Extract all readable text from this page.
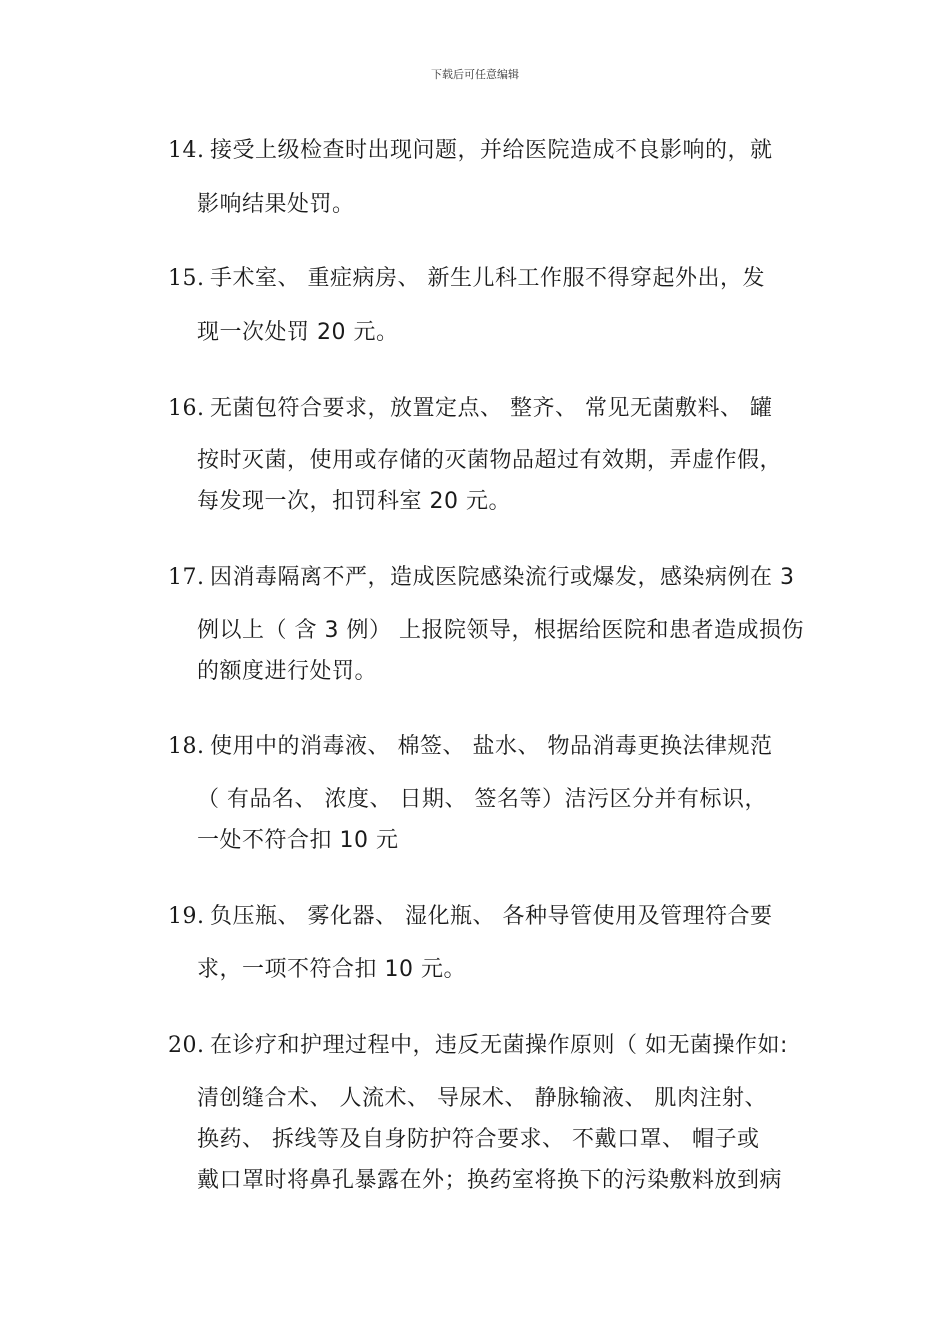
下载后可任意编辑
14. 接受上级检查时出现问题，并给医院造成不良影响的，就
影响结果处罚。
15. 手术室、 重症病房、 新生儿科工作服不得穿起外出，发
现一次处罚 20 元。
16. 无菌包符合要求，放置定点、 整齐、 常见无菌敷料、 罐
按时灭菌，使用或存储的灭菌物品超过有效期，弄虚作假，
每发现一次，扣罚科室 20 元。
17. 因消毒隔离不严，造成医院感染流行或爆发，感染病例在 3
例以上（ 含 3 例） 上报院领导，根据给医院和患者造成损伤
的额度进行处罚。
18. 使用中的消毒液、 棉签、 盐水、 物品消毒更换法律规范
（ 有品名、 浓度、 日期、 签名等）洁污区分并有标识，
一处不符合扣 10 元
19. 负压瓶、 雾化器、 湿化瓶、 各种导管使用及管理符合要
求，一项不符合扣 10 元。
20. 在诊疗和护理过程中，违反无菌操作原则（ 如无菌操作如:
清创缝合术、 人流术、 导尿术、 静脉输液、 肌肉注射、
换药、 拆线等及自身防护符合要求、 不戴口罩、 帽子或
戴口罩时将鼻孔暴露在外；换药室将换下的污染敷料放到病
